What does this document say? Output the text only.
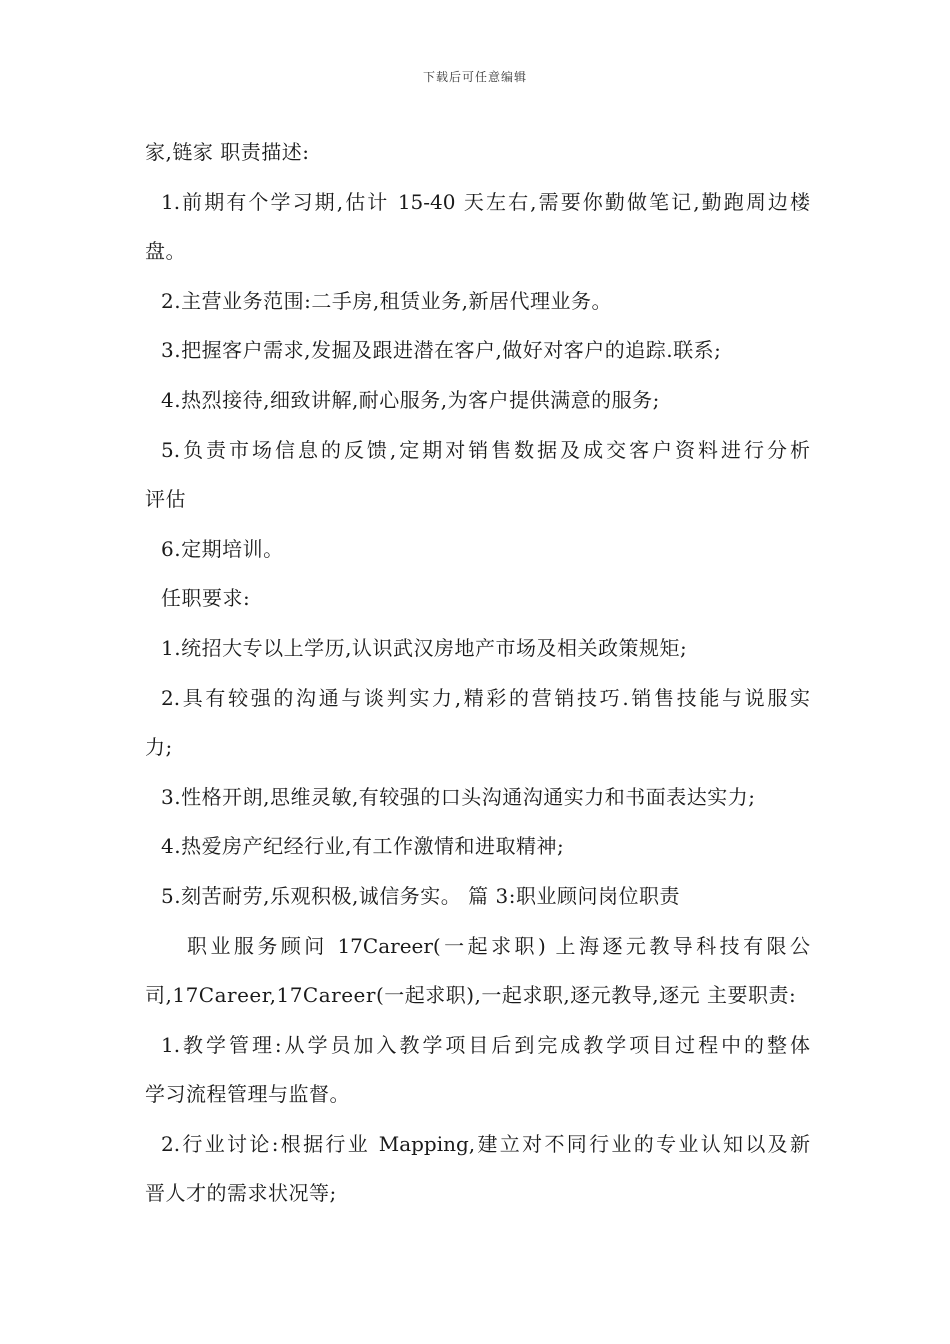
下载后可任意编辑
家,链家 职责描述:
1.前期有个学习期,估计 15-40 天左右,需要你勤做笔记,勤跑周边楼
盘。
2.主营业务范围:二手房,租赁业务,新居代理业务。
3.把握客户需求,发掘及跟进潜在客户,做好对客户的追踪.联系;
4.热烈接待,细致讲解,耐心服务,为客户提供满意的服务;
5.负责市场信息的反馈,定期对销售数据及成交客户资料进行分析
评估
6.定期培训。
任职要求:
1.统招大专以上学历,认识武汉房地产市场及相关政策规矩;
2.具有较强的沟通与谈判实力,精彩的营销技巧.销售技能与说服实
力;
3.性格开朗,思维灵敏,有较强的口头沟通沟通实力和书面表达实力;
4.热爱房产纪经行业,有工作激情和进取精神;
5.刻苦耐劳,乐观积极,诚信务实。 篇 3:职业顾问岗位职责
职业服务顾问 17Career(一起求职) 上海逐元教导科技有限公
司,17Career,17Career(一起求职),一起求职,逐元教导,逐元 主要职责:
1.教学管理:从学员加入教学项目后到完成教学项目过程中的整体
学习流程管理与监督。
2.行业讨论:根据行业 Mapping,建立对不同行业的专业认知以及新
晋人才的需求状况等;
